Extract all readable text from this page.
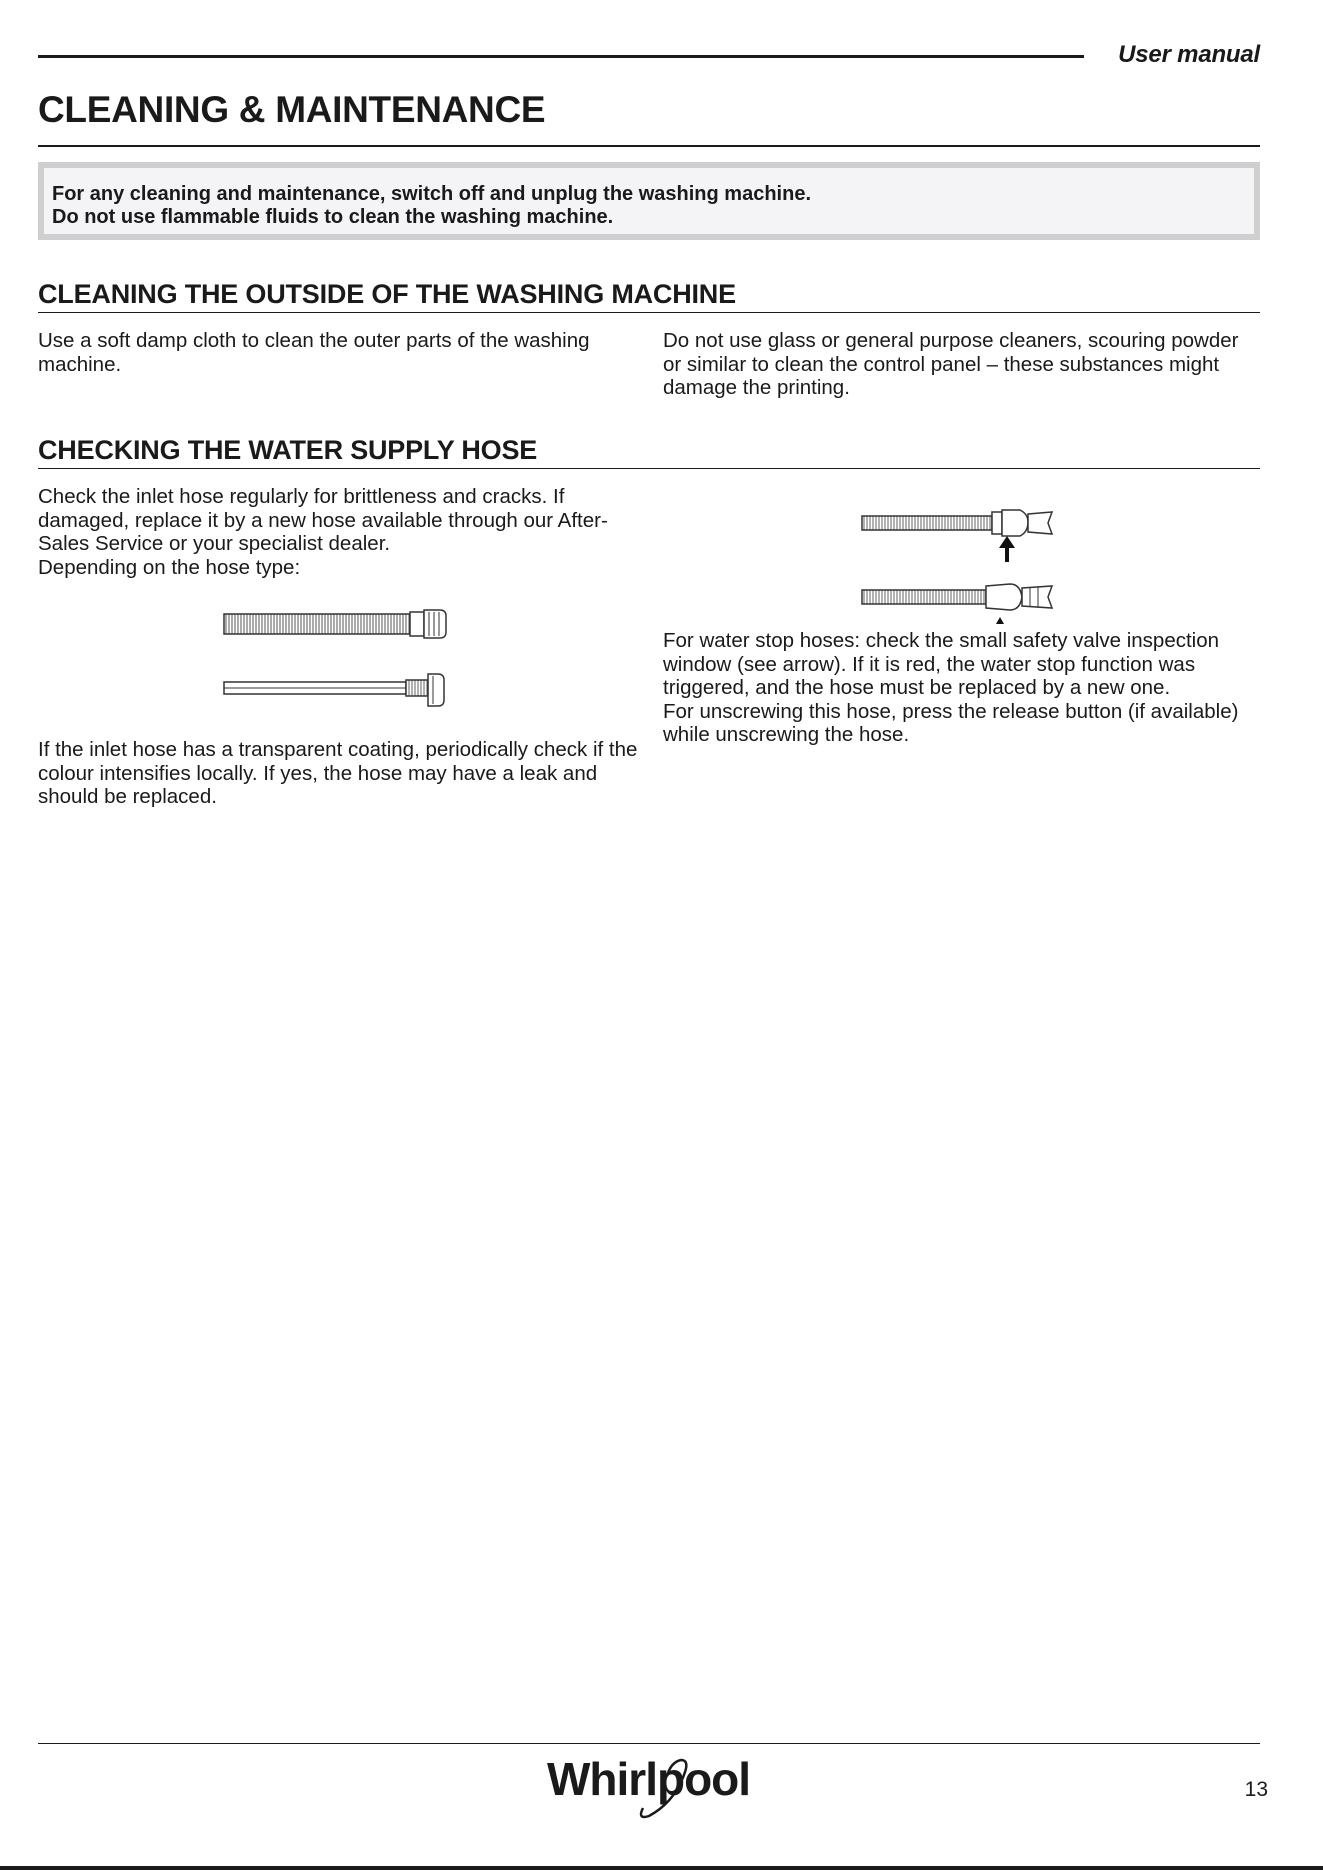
User manual
CLEANING & MAINTENANCE

For any cleaning and maintenance, switch off and unplug the washing machine.

Do not use flammable fluids to clean the washing machine.

CLEANING THE OUTSIDE OF THE WASHING MACHINE

Use a soft damp cloth to clean the outer parts of the washing machine.

Do not use glass or general purpose cleaners, scouring powder or similar to clean the control panel – these substances might damage the printing.

CHECKING THE WATER SUPPLY HOSE

Check the inlet hose regularly for brittleness and cracks. If damaged, replace it by a new hose available through our After-Sales Service or your specialist dealer.

Depending on the hose type:

If the inlet hose has a transparent coating, periodically check if the colour intensifies locally. If yes, the hose may have a leak and should be replaced.

For water stop hoses: check the small safety valve inspection window (see arrow). If it is red, the water stop function was triggered, and the hose must be replaced by a new one.

For unscrewing this hose, press the release button (if available) while unscrewing the hose.

Whirlpool	13
